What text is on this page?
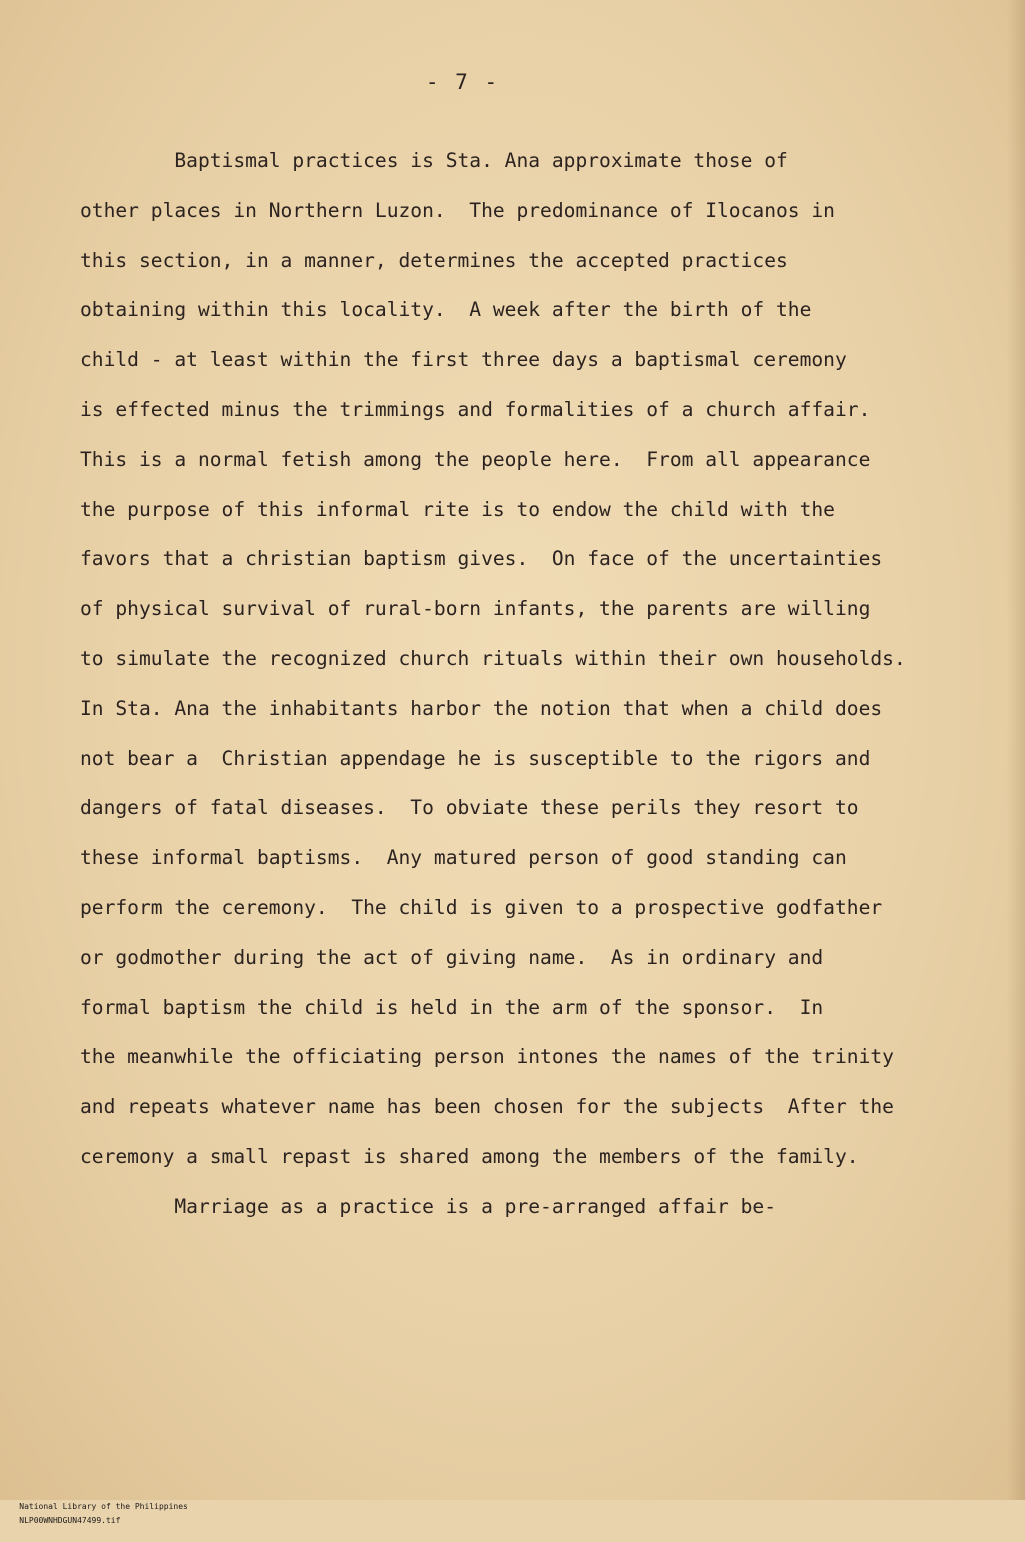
- 7 -
Baptismal practices is Sta. Ana approximate those of
other places in Northern Luzon.  The predominance of Ilocanos in
this section, in a manner, determines the accepted practices
obtaining within this locality.  A week after the birth of the
child - at least within the first three days a baptismal ceremony
is effected minus the trimmings and formalities of a church affair.
This is a normal fetish among the people here.  From all appearance
the purpose of this informal rite is to endow the child with the
favors that a christian baptism gives.  On face of the uncertainties
of physical survival of rural-born infants, the parents are willing
to simulate the recognized church rituals within their own households.
In Sta. Ana the inhabitants harbor the notion that when a child does
not bear a  Christian appendage he is susceptible to the rigors and
dangers of fatal diseases.  To obviate these perils they resort to
these informal baptisms.  Any matured person of good standing can
perform the ceremony.  The child is given to a prospective godfather
or godmother during the act of giving name.  As in ordinary and
formal baptism the child is held in the arm of the sponsor.  In
the meanwhile the officiating person intones the names of the trinity
and repeats whatever name has been chosen for the subjects  After the
ceremony a small repast is shared among the members of the family.
Marriage as a practice is a pre-arranged affair be-

National Library of the Philippines
NLP00WNHDGUN47499.tif
